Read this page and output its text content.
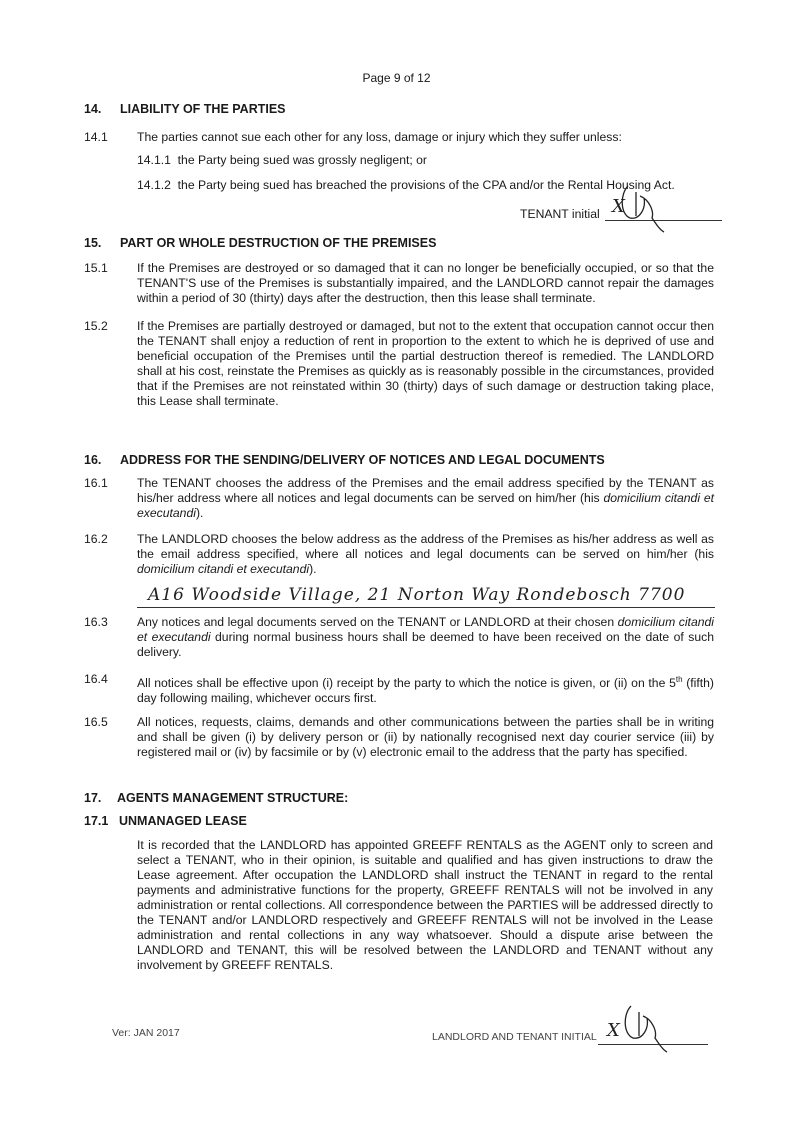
Page 9 of 12
14. LIABILITY OF THE PARTIES
14.1 The parties cannot sue each other for any loss, damage or injury which they suffer unless:
14.1.1 the Party being sued was grossly negligent; or
14.1.2 the Party being sued has breached the provisions of the CPA and/or the Rental Housing Act.
TENANT initial X
15. PART OR WHOLE DESTRUCTION OF THE PREMISES
15.1 If the Premises are destroyed or so damaged that it can no longer be beneficially occupied, or so that the TENANT'S use of the Premises is substantially impaired, and the LANDLORD cannot repair the damages within a period of 30 (thirty) days after the destruction, then this lease shall terminate.
15.2 If the Premises are partially destroyed or damaged, but not to the extent that occupation cannot occur then the TENANT shall enjoy a reduction of rent in proportion to the extent to which he is deprived of use and beneficial occupation of the Premises until the partial destruction thereof is remedied. The LANDLORD shall at his cost, reinstate the Premises as quickly as is reasonably possible in the circumstances, provided that if the Premises are not reinstated within 30 (thirty) days of such damage or destruction taking place, this Lease shall terminate.
16. ADDRESS FOR THE SENDING/DELIVERY OF NOTICES AND LEGAL DOCUMENTS
16.1 The TENANT chooses the address of the Premises and the email address specified by the TENANT as his/her address where all notices and legal documents can be served on him/her (his domicilium citandi et executandi).
16.2 The LANDLORD chooses the below address as the address of the Premises as his/her address as well as the email address specified, where all notices and legal documents can be served on him/her (his domicilium citandi et executandi).
A16 Woodside Village, 21 Norton Way Rondebosch 7700
16.3 Any notices and legal documents served on the TENANT or LANDLORD at their chosen domicilium citandi et executandi during normal business hours shall be deemed to have been received on the date of such delivery.
16.4 All notices shall be effective upon (i) receipt by the party to which the notice is given, or (ii) on the 5th (fifth) day following mailing, whichever occurs first.
16.5 All notices, requests, claims, demands and other communications between the parties shall be in writing and shall be given (i) by delivery person or (ii) by nationally recognised next day courier service (iii) by registered mail or (iv) by facsimile or by (v) electronic email to the address that the party has specified.
17. AGENTS MANAGEMENT STRUCTURE:
17.1 UNMANAGED LEASE
It is recorded that the LANDLORD has appointed GREEFF RENTALS as the AGENT only to screen and select a TENANT, who in their opinion, is suitable and qualified and has given instructions to draw the Lease agreement. After occupation the LANDLORD shall instruct the TENANT in regard to the rental payments and administrative functions for the property, GREEFF RENTALS will not be involved in any administration or rental collections. All correspondence between the PARTIES will be addressed directly to the TENANT and/or LANDLORD respectively and GREEFF RENTALS will not be involved in the Lease administration and rental collections in any way whatsoever. Should a dispute arise between the LANDLORD and TENANT, this will be resolved between the LANDLORD and TENANT without any involvement by GREEFF RENTALS.
Ver: JAN 2017	LANDLORD AND TENANT INITIAL X
